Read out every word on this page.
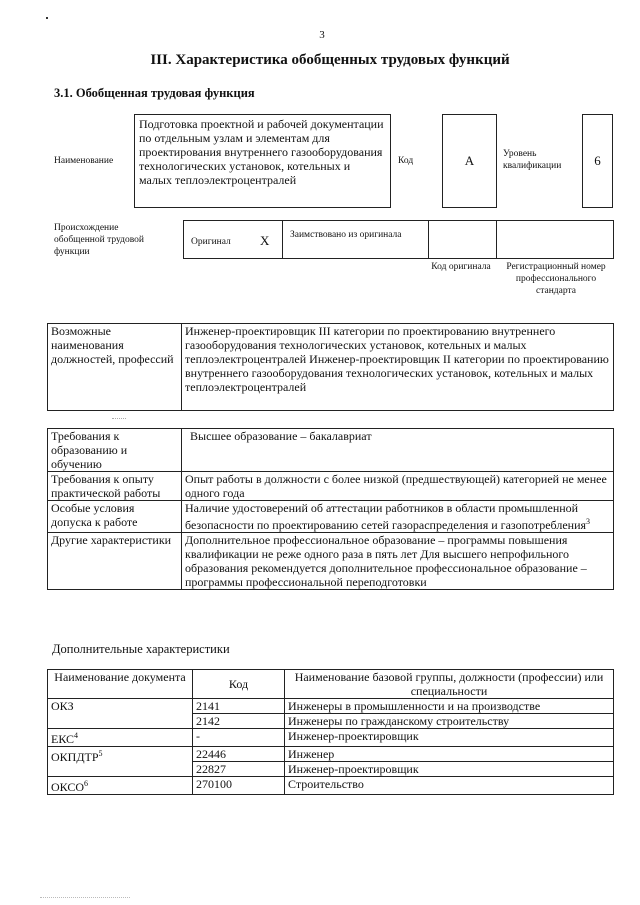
3
III. Характеристика обобщенных трудовых функций
3.1. Обобщенная трудовая функция
Наименование
Подготовка проектной и рабочей документации по отдельным узлам и элементам для проектирования внутреннего газооборудования технологических установок, котельных и малых теплоэлектроцентралей
Код	A	Уровень квалификации	6
Происхождение обобщенной трудовой функции
Оригинал X Заимствовано из оригинала
Код оригинала	Регистрационный номер профессионального стандарта
Возможные наименования должностей, профессий	Инженер-проектировщик III категории по проектированию внутреннего газооборудования технологических установок, котельных и малых теплоэлектроцентралей Инженер-проектировщик II категории по проектированию внутреннего газооборудования технологических установок, котельных и малых теплоэлектроцентралей
Требования к образованию и обучению	Высшее образование – бакалавриат
Требования к опыту практической работы	Опыт работы в должности с более низкой (предшествующей) категорией не менее одного года
Особые условия допуска к работе	Наличие удостоверений об аттестации работников в области промышленной безопасности по проектированию сетей газораспределения и газопотребления$^3$
Другие характеристики	Дополнительное профессиональное образование – программы повышения квалификации не реже одного раза в пять лет Для высшего непрофильного образования рекомендуется дополнительное профессиональное образование – программы профессиональной переподготовки
Дополнительные характеристики
Наименование документа	Код	Наименование базовой группы, должности (профессии) или специальности
ОКЗ	2141	Инженеры в промышленности и на производстве
	2142	Инженеры по гражданскому строительству
ЕКС$^4$	-	Инженер-проектировщик
ОКПДТР$^5$	22446	Инженер
	22827	Инженер-проектировщик
ОКСО$^6$	270100	Строительство
